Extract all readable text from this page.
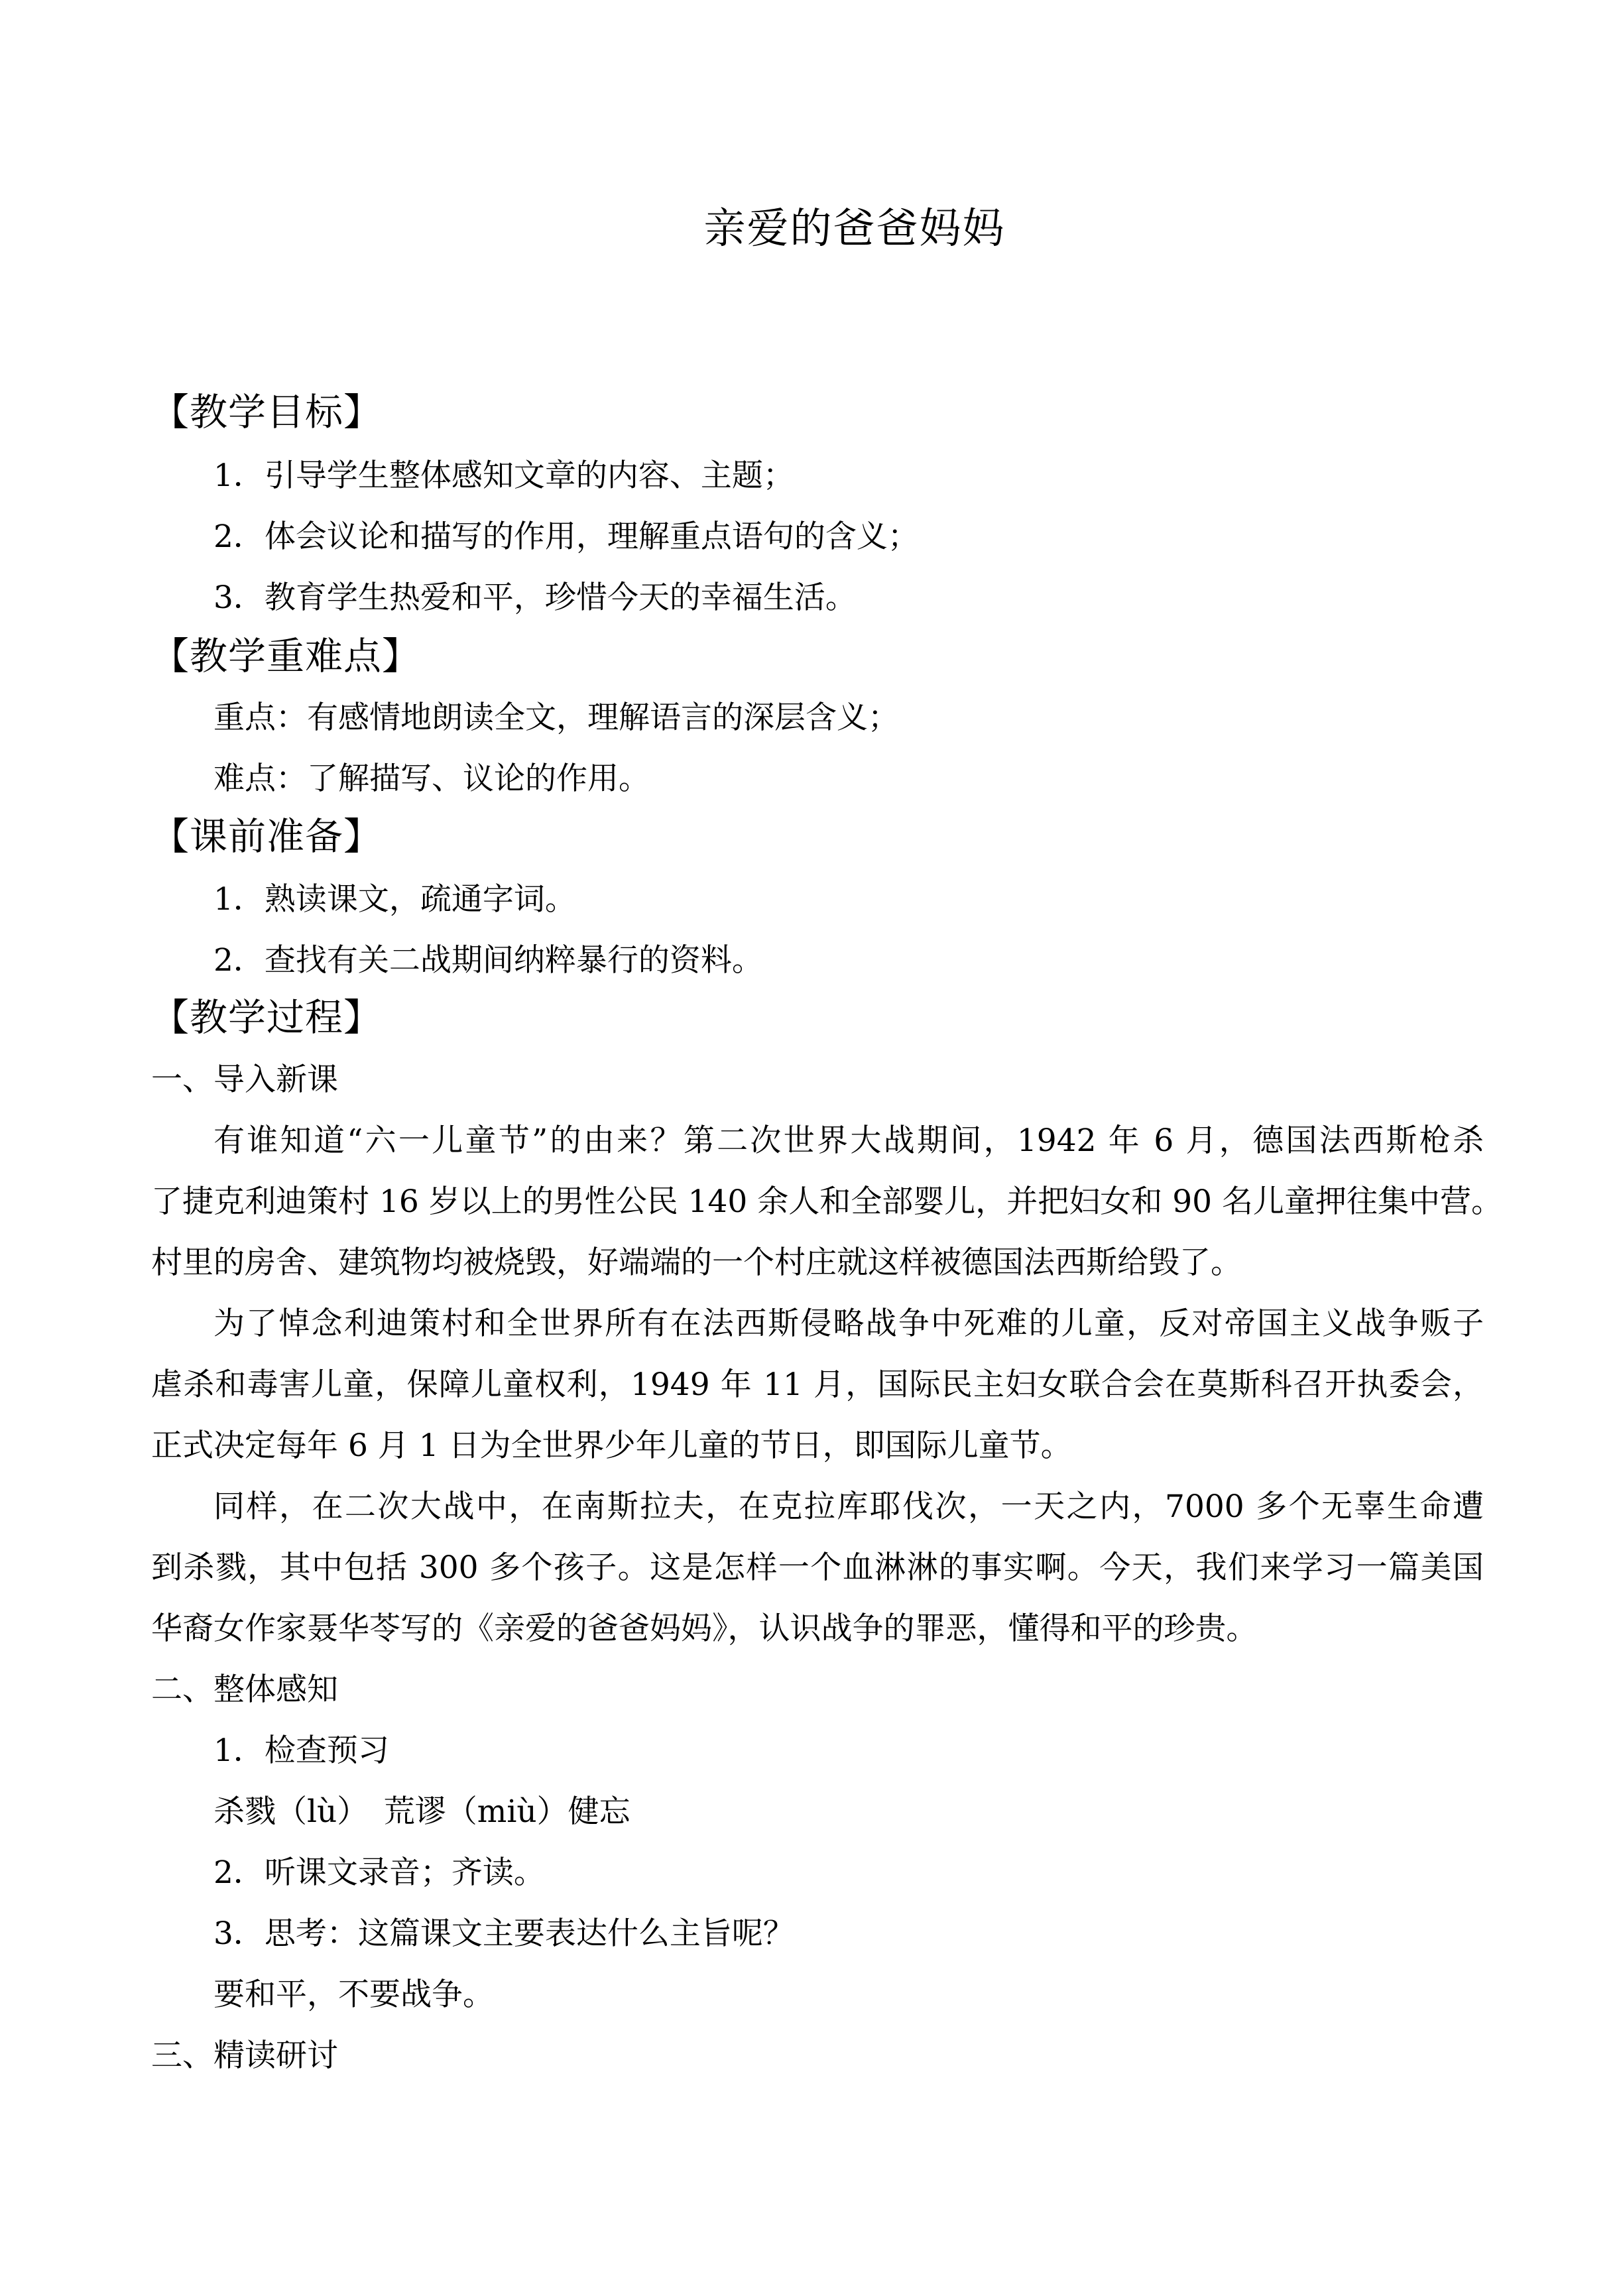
亲爱的爸爸妈妈
【教学目标】
1．引导学生整体感知文章的内容、主题；
2．体会议论和描写的作用，理解重点语句的含义；
3．教育学生热爱和平，珍惜今天的幸福生活。
【教学重难点】
重点：有感情地朗读全文，理解语言的深层含义；
难点：了解描写、议论的作用。
【课前准备】
1．熟读课文，疏通字词。
2．查找有关二战期间纳粹暴行的资料。
【教学过程】
一、导入新课
有谁知道“六一儿童节”的由来？第二次世界大战期间，1942 年 6 月，德国法西斯枪杀
了捷克利迪策村 16 岁以上的男性公民 140 余人和全部婴儿，并把妇女和 90 名儿童押往集中营。
村里的房舍、建筑物均被烧毁，好端端的一个村庄就这样被德国法西斯给毁了。
为了悼念利迪策村和全世界所有在法西斯侵略战争中死难的儿童，反对帝国主义战争贩子
虐杀和毒害儿童，保障儿童权利，1949 年 11 月，国际民主妇女联合会在莫斯科召开执委会，
正式决定每年 6 月 1 日为全世界少年儿童的节日，即国际儿童节。
同样，在二次大战中，在南斯拉夫，在克拉库耶伐次，一天之内，7000 多个无辜生命遭
到杀戮，其中包括 300 多个孩子。这是怎样一个血淋淋的事实啊。今天，我们来学习一篇美国
华裔女作家聂华苓写的《亲爱的爸爸妈妈》，认识战争的罪恶，懂得和平的珍贵。
二、整体感知
1．检查预习
杀戮（lù）　荒谬（miù）健忘
2．听课文录音；齐读。
3．思考：这篇课文主要表达什么主旨呢？
要和平，不要战争。
三、精读研讨
